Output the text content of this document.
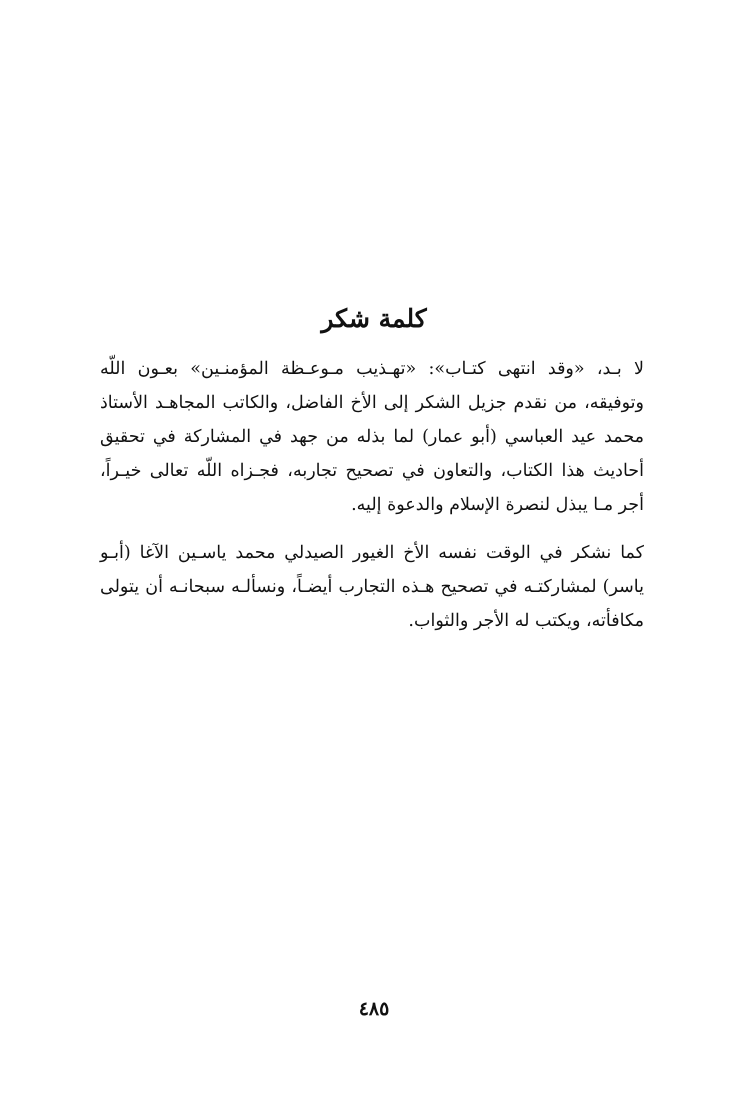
كلمة شكر

لا بـد، «وقد انتهى كتـاب»: «تهـذيب مـوعـظة المؤمنـين» بعـون اللّه وتوفيقه، من نقدم جزيل الشكر إلى الأخ الفاضل، والكاتب المجاهـد الأستاذ محمد عيد العباسي (أبو عمار) لما بذله من جهد في المشاركة في تحقيق أحاديث هذا الكتاب، والتعاون في تصحيح تجاربه، فجـزاه اللّه تعالى خيـراً، أجر مـا يبذل لنصرة الإسلام والدعوة إليه.

كما نشكر في الوقت نفسه الأخ الغيور الصيدلي محمد ياسـين الآغا (أبـو ياسر) لمشاركتـه في تصحيح هـذه التجارب أيضـاً، ونسألـه سبحانـه أن يتولى مكافأته، ويكتب له الأجر والثواب.

٤٨٥
